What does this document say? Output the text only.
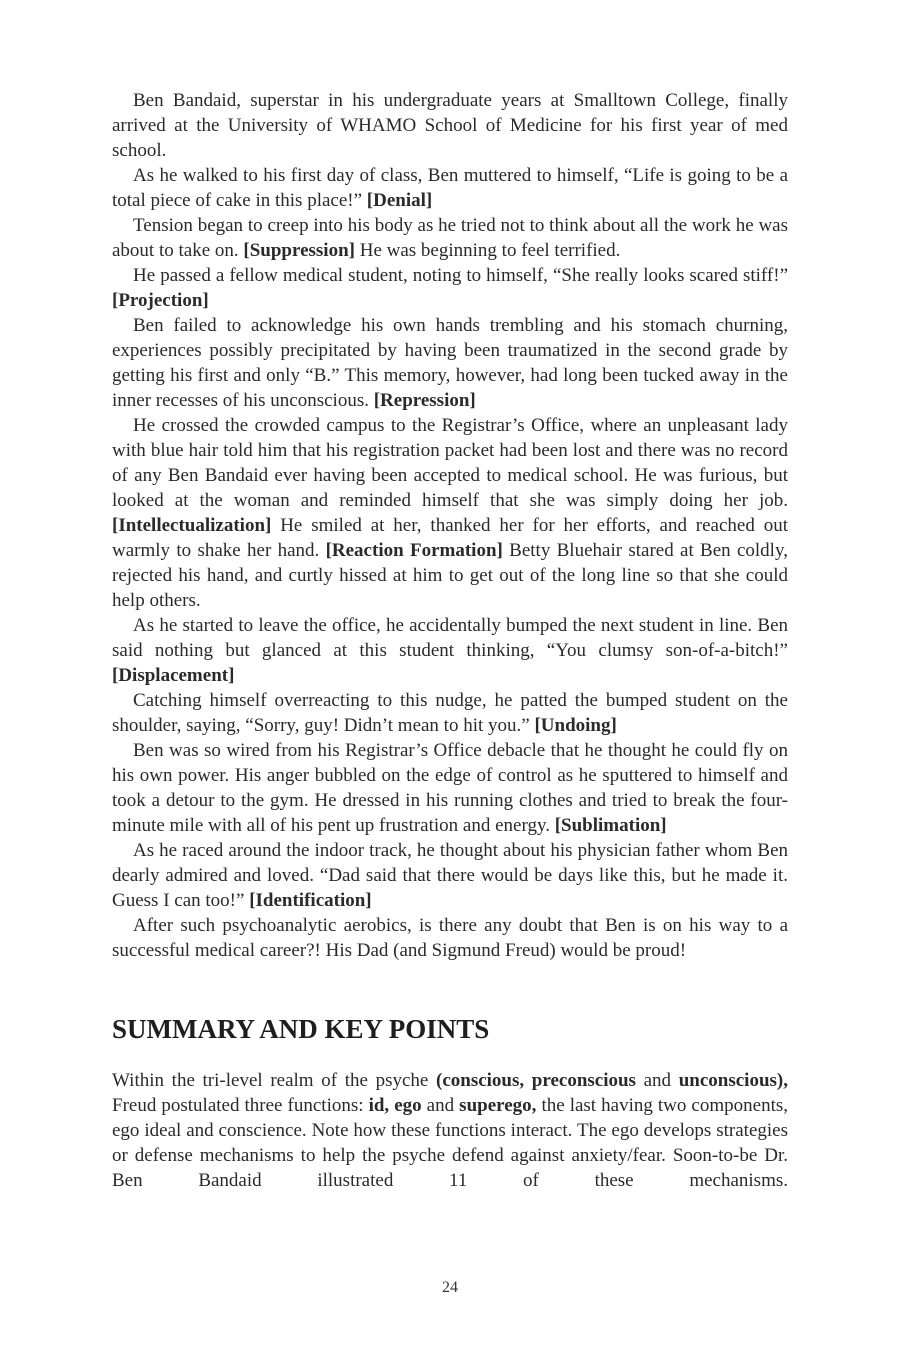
Ben Bandaid, superstar in his undergraduate years at Smalltown College, finally arrived at the University of WHAMO School of Medicine for his first year of med school.

As he walked to his first day of class, Ben muttered to himself, “Life is going to be a total piece of cake in this place!” [Denial]

Tension began to creep into his body as he tried not to think about all the work he was about to take on. [Suppression] He was beginning to feel terrified.

He passed a fellow medical student, noting to himself, “She really looks scared stiff!” [Projection]

Ben failed to acknowledge his own hands trembling and his stomach churning, experiences possibly precipitated by having been traumatized in the second grade by getting his first and only “B.” This memory, however, had long been tucked away in the inner recesses of his unconscious. [Repression]

He crossed the crowded campus to the Registrar’s Office, where an unpleasant lady with blue hair told him that his registration packet had been lost and there was no record of any Ben Bandaid ever having been accepted to medical school. He was furious, but looked at the woman and reminded himself that she was simply doing her job. [Intellectualization] He smiled at her, thanked her for her efforts, and reached out warmly to shake her hand. [Reaction Formation] Betty Bluehair stared at Ben coldly, rejected his hand, and curtly hissed at him to get out of the long line so that she could help others.

As he started to leave the office, he accidentally bumped the next student in line. Ben said nothing but glanced at this student thinking, “You clumsy son-of-a-bitch!” [Displacement]

Catching himself overreacting to this nudge, he patted the bumped student on the shoulder, saying, “Sorry, guy! Didn’t mean to hit you.” [Undoing]

Ben was so wired from his Registrar’s Office debacle that he thought he could fly on his own power. His anger bubbled on the edge of control as he sputtered to himself and took a detour to the gym. He dressed in his running clothes and tried to break the four-minute mile with all of his pent up frustration and energy. [Sublimation]

As he raced around the indoor track, he thought about his physician father whom Ben dearly admired and loved. “Dad said that there would be days like this, but he made it. Guess I can too!” [Identification]

After such psychoanalytic aerobics, is there any doubt that Ben is on his way to a successful medical career?! His Dad (and Sigmund Freud) would be proud!

SUMMARY AND KEY POINTS

Within the tri-level realm of the psyche (conscious, preconscious and unconscious), Freud postulated three functions: id, ego and superego, the last having two components, ego ideal and conscience. Note how these functions interact. The ego develops strategies or defense mechanisms to help the psyche defend against anxiety/fear. Soon-to-be Dr. Ben Bandaid illustrated 11 of these mechanisms.

24
